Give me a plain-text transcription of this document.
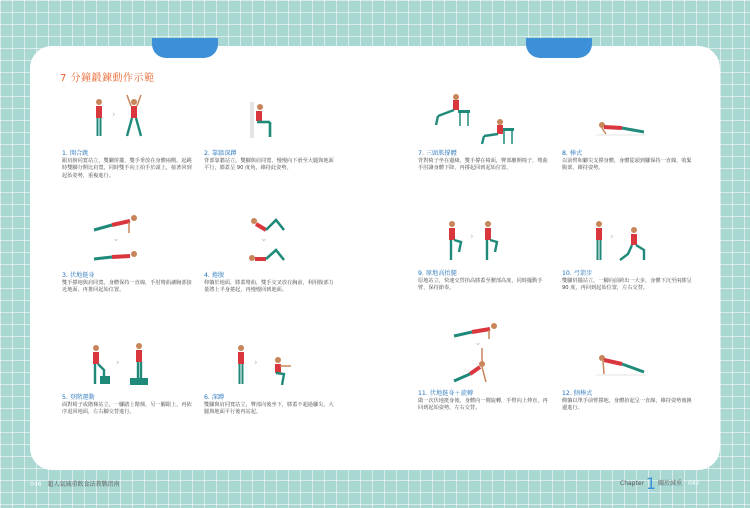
7 分鐘鍛鍊動作示範
›
1. 開合跳
跟肩膀同寬站立，雙腳併攏，雙手垂放在身體兩側。起跳時雙腳分開比肩寬，同時雙手向上拍手於頭上，接著回到起始姿勢，重複進行。
2. 靠牆深蹲
背部靠牆站立，雙腳與肩同寬，慢慢向下滑至大腿與地面平行，膝蓋呈 90 度角，維持此姿勢。
⌄
3. 伏地挺身
雙手撐地與肩同寬，身體保持一直線，手肘彎曲讓胸部接近地面，再推回起始位置。
⌄
4. 捲腹
仰躺於地面，膝蓋彎曲，雙手交叉放在胸前，利用腹部力量將上半身捲起，再慢慢回到地面。
›
5. 登階運動
面對椅子或階梯站立，一腳踏上階梯，另一腳跟上，再依序退回地面，左右腳交替進行。
›
6. 深蹲
雙腳與肩同寬站立，臀部向後坐下，膝蓋不超過腳尖，大腿與地面平行後再站起。
7. 三頭肌撐體
背對椅子坐在邊緣，雙手撐在椅面，臀部離開椅子，彎曲手肘讓身體下降，再撐起回到起始位置。
8. 棒式
以前臂和腳尖支撐身體，身體從頭到腳保持一直線，收緊腹部，維持姿勢。
›
9. 原地高抬腿
原地站立，快速交替抬高膝蓋至腰部高度，同時擺動手臂，保持節奏。
›
10. 弓箭步
雙腳併攏站立，一腳向前跨出一大步，身體下沉至兩膝呈 90 度，再回到起始位置，左右交替。
⌄
11. 伏地挺身＋旋轉
做一次伏地挺身後，身體向一側旋轉，手臂向上伸直，再回到起始姿勢，左右交替。
12. 側棒式
側躺以單手前臂撐地，身體抬起呈一直線，維持姿勢後換邊進行。
046 超人氣減重飲食法教戰指南	Chapter 1 關於減重 047
